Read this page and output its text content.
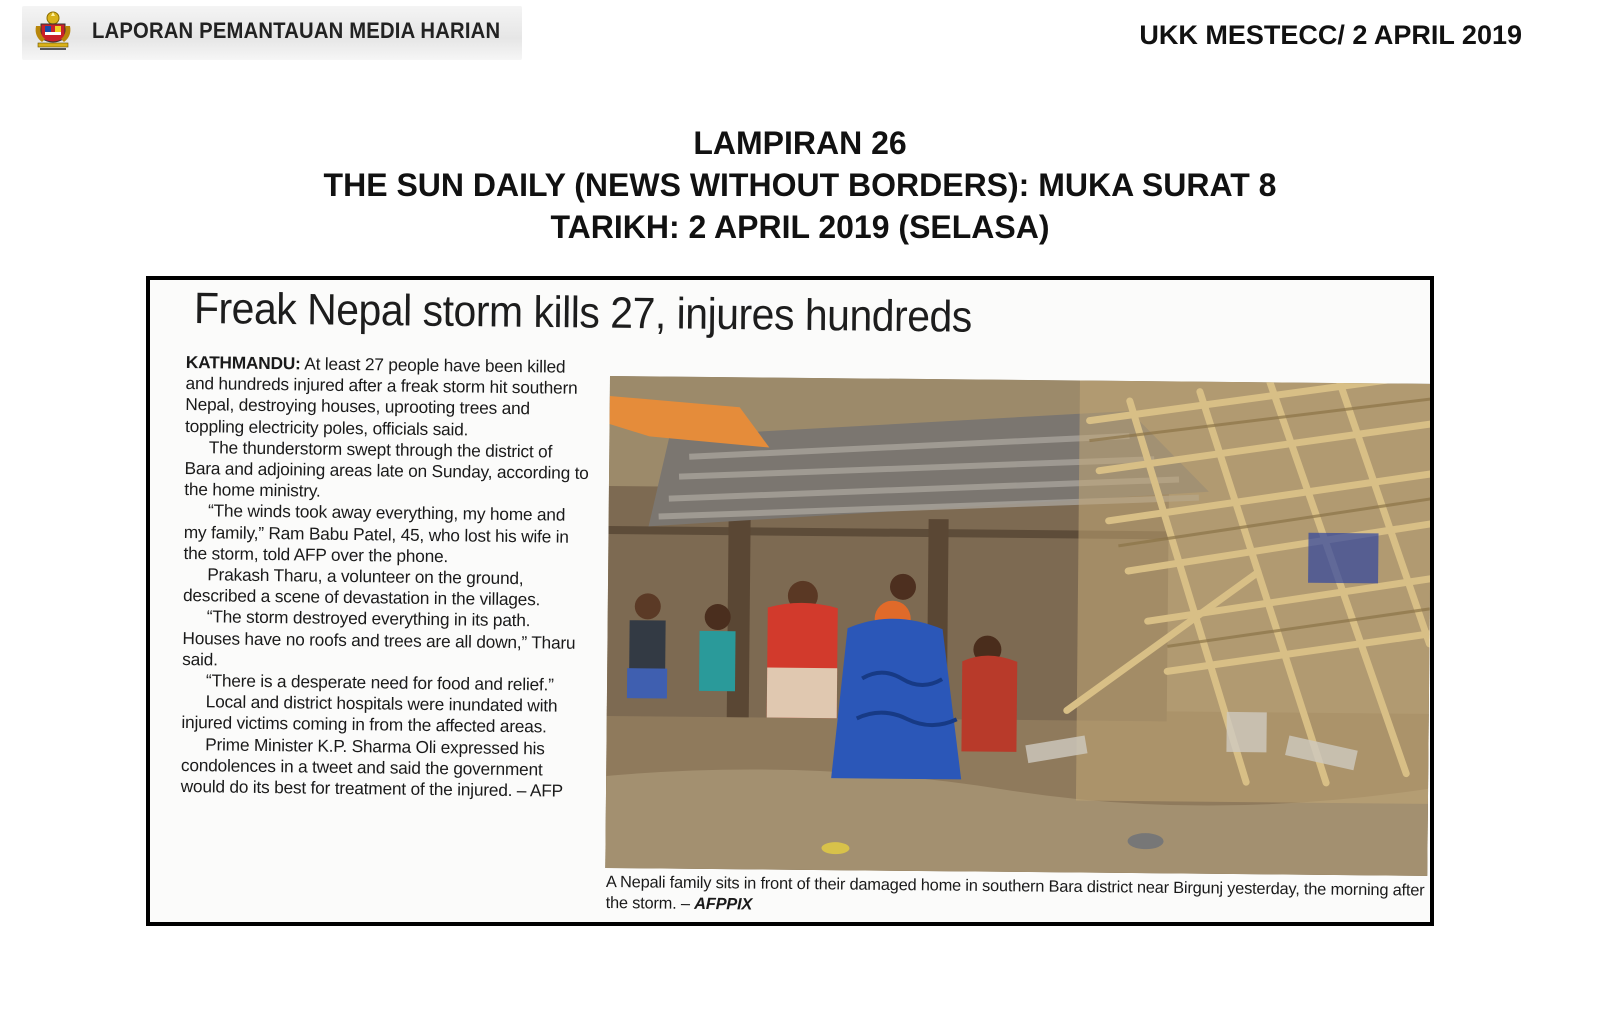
LAPORAN PEMANTAUAN MEDIA HARIAN	UKK MESTECC/ 2 APRIL 2019
LAMPIRAN 26
THE SUN DAILY (NEWS WITHOUT BORDERS): MUKA SURAT 8
TARIKH: 2 APRIL 2019 (SELASA)
Freak Nepal storm kills 27, injures hundreds

KATHMANDU: At least 27 people have been killed and hundreds injured after a freak storm hit southern Nepal, destroying houses, uprooting trees and toppling electricity poles, officials said.

The thunderstorm swept through the district of Bara and adjoining areas late on Sunday, according to the home ministry.

“The winds took away everything, my home and my family,” Ram Babu Patel, 45, who lost his wife in the storm, told AFP over the phone.

Prakash Tharu, a volunteer on the ground, described a scene of devastation in the villages.

“The storm destroyed everything in its path. Houses have no roofs and trees are all down,” Tharu said.

“There is a desperate need for food and relief.”

Local and district hospitals were inundated with injured victims coming in from the affected areas.

Prime Minister K.P. Sharma Oli expressed his condolences in a tweet and said the government would do its best for treatment of the injured. – AFP

A Nepali family sits in front of their damaged home in southern Bara district near Birgunj yesterday, the morning after the storm. – AFPPIX
